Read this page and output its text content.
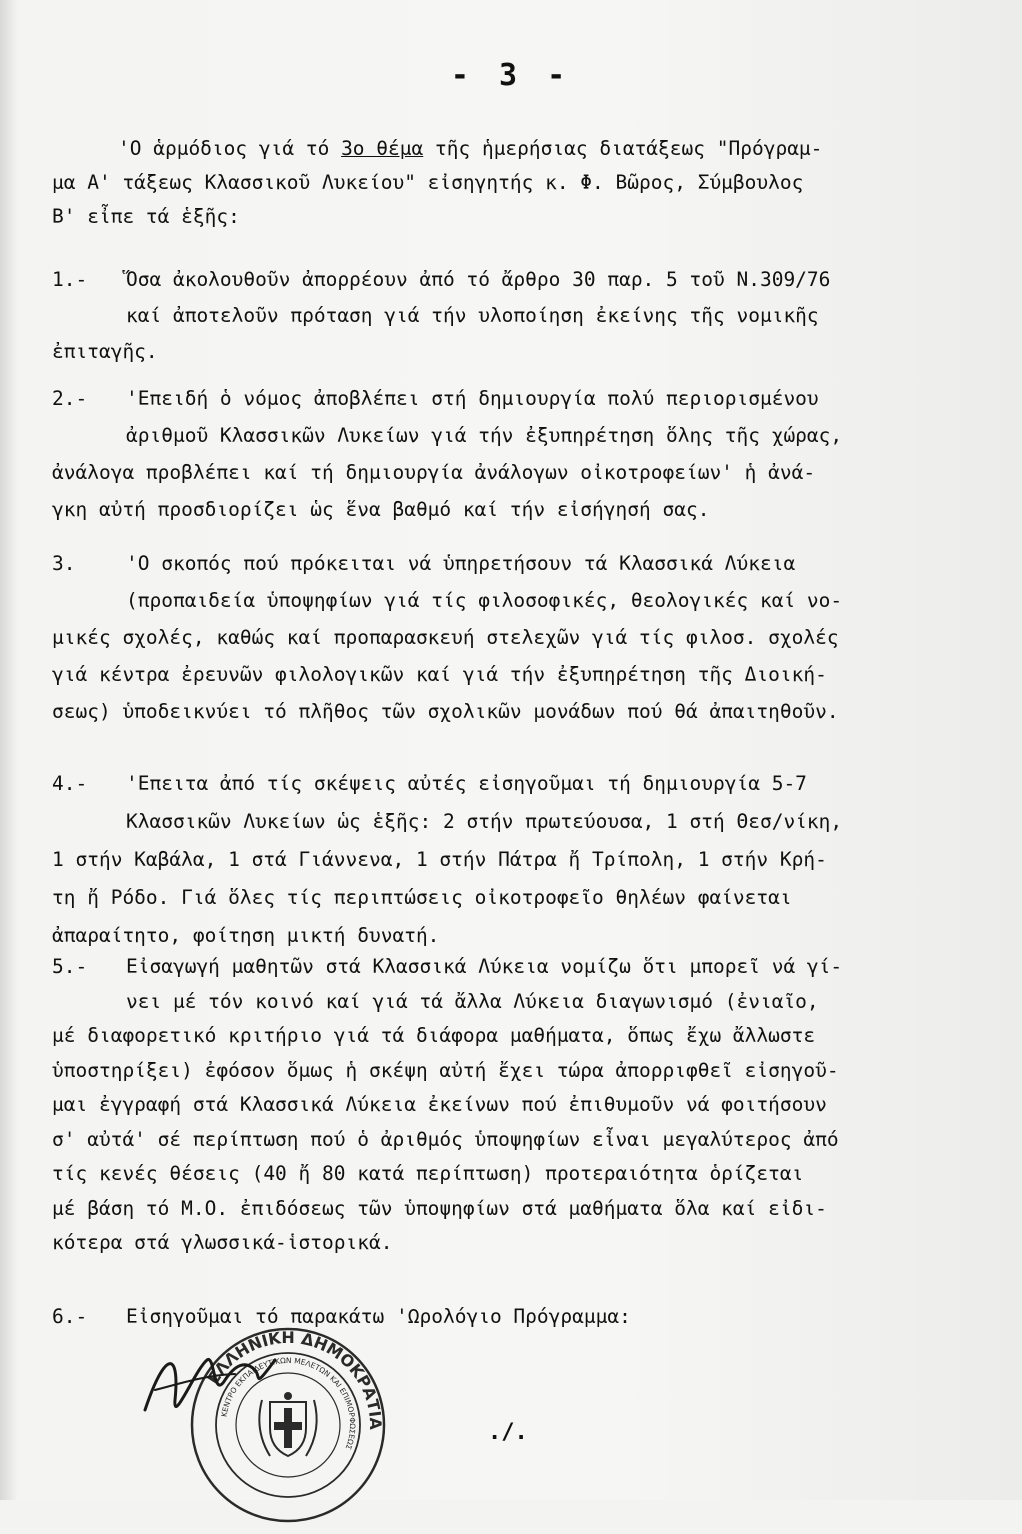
- 3 -
'Ο ἁρμόδιος γιά τό 3ο θέμα τῆς ἡμερήσιας διατάξεως "Πρόγραμ-
μα Α' τάξεως Κλασσικοῦ Λυκείου" εἰσηγητής κ. Φ. Βῶρος, Σύμβουλος
Β' εἶπε τά ἑξῆς:
1.- Ὅσα ἀκολουθοῦν ἀπορρέουν ἀπό τό ἄρθρο 30 παρ. 5 τοῦ Ν.309/76
καί ἀποτελοῦν πρόταση γιά τήν υλοποίηση ἐκείνης τῆς νομικῆς
ἐπιταγῆς.
2.- 'Επειδή ὁ νόμος ἀποβλέπει στή δημιουργία πολύ περιορισμένου
ἀριθμοῦ Κλασσικῶν Λυκείων γιά τήν ἐξυπηρέτηση ὅλης τῆς χώρας,
ἀνάλογα προβλέπει καί τή δημιουργία ἀνάλογων οἰκοτροφείων' ἡ ἀνά-
γκη αὐτή προσδιορίζει ὡς ἕνα βαθμό καί τήν εἰσήγησή σας.
3.	'Ο σκοπός πού πρόκειται νά ὑπηρετήσουν τά Κλασσικά Λύκεια
(προπαιδεία ὑποψηφίων γιά τίς φιλοσοφικές, θεολογικές καί νο-
μικές σχολές, καθώς καί προπαρασκευή στελεχῶν γιά τίς φιλοσ. σχολές
γιά κέντρα ἐρευνῶν φιλολογικῶν καί γιά τήν ἐξυπηρέτηση τῆς Διοική-
σεως) ὑποδεικνύει τό πλῆθος τῶν σχολικῶν μονάδων πού θά ἀπαιτηθοῦν.
4.- 'Επειτα ἀπό τίς σκέψεις αὐτές εἰσηγοῦμαι τή δημιουργία 5-7
Κλασσικῶν Λυκείων ὡς ἑξῆς: 2 στήν πρωτεύουσα, 1 στή Θεσ/νίκη,
1 στήν Καβάλα, 1 στά Γιάννενα, 1 στήν Πάτρα ἤ Τρίπολη, 1 στήν Κρή-
τη ἤ Ρόδο. Γιά ὅλες τίς περιπτώσεις οἰκοτροφεῖο θηλέων φαίνεται
ἀπαραίτητο, φοίτηση μικτή δυνατή.
5.- Εἰσαγωγή μαθητῶν στά Κλασσικά Λύκεια νομίζω ὅτι μπορεῖ νά γί-
νει μέ τόν κοινό καί γιά τά ἄλλα Λύκεια διαγωνισμό (ἐνιαῖο,
μέ διαφορετικό κριτήριο γιά τά διάφορα μαθήματα, ὅπως ἔχω ἄλλωστε
ὑποστηρίξει) ἐφόσον ὅμως ἡ σκέψη αὐτή ἔχει τώρα ἀπορριφθεῖ εἰσηγοῦ-
μαι ἐγγραφή στά Κλασσικά Λύκεια ἐκείνων πού ἐπιθυμοῦν νά φοιτήσουν
σ' αὐτά' σέ περίπτωση πού ὁ ἀριθμός ὑποψηφίων εἶναι μεγαλύτερος ἀπό
τίς κενές θέσεις (40 ἤ 80 κατά περίπτωση) προτεραιότητα ὁρίζεται
μέ βάση τό Μ.Ο. ἐπιδόσεως τῶν ὑποψηφίων στά μαθήματα ὅλα καί εἰδι-
κότερα στά γλωσσικά-ἱστορικά.
6.- Εἰσηγοῦμαι τό παρακάτω 'Ωρολόγιο Πρόγραμμα:
ΕΛΛΗΝΙΚΗ ΔΗΜΟΚΡΑΤΙΑ
ΚΕΝΤΡΟ ΕΚΠΑΙΔΕΥΤΙΚΩΝ ΜΕΛΕΤΩΝ ΚΑΙ ΕΠΙΜΟΡΦΩΣΕΩΣ
./.
